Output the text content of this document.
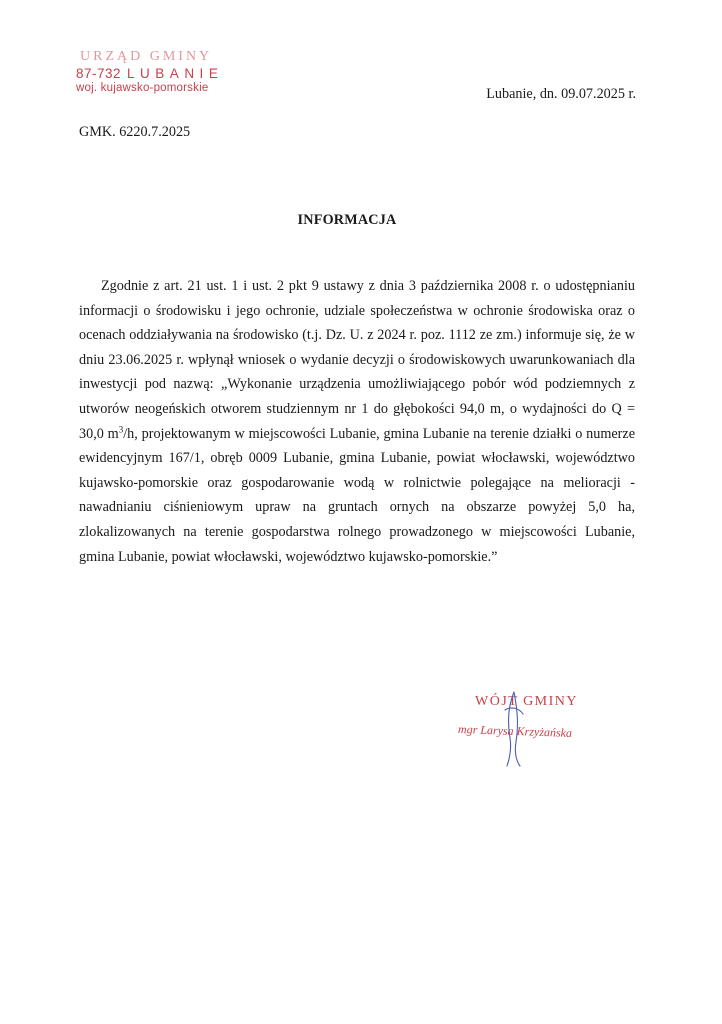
URZĄD GMINY
87-732 LUBANIE
woj. kujawsko-pomorskie	Lubanie, dn. 09.07.2025 r.
GMK. 6220.7.2025
INFORMACJA
Zgodnie z art. 21 ust. 1 i ust. 2 pkt 9 ustawy z dnia 3 października 2008 r. o udostępnianiu informacji o środowisku i jego ochronie, udziale społeczeństwa w ochronie środowiska oraz o ocenach oddziaływania na środowisko (t.j. Dz. U. z 2024 r. poz. 1112 ze zm.) informuje się, że w dniu 23.06.2025 r. wpłynął wniosek o wydanie decyzji o środowiskowych uwarunkowaniach dla inwestycji pod nazwą: „Wykonanie urządzenia umożliwiającego pobór wód podziemnych z utworów neogeńskich otworem studziennym nr 1 do głębokości 94,0 m, o wydajności do Q = 30,0 $m^3/h$, projektowanym w miejscowości Lubanie, gmina Lubanie na terenie działki o numerze ewidencyjnym 167/1, obręb 0009 Lubanie, gmina Lubanie, powiat włocławski, województwo kujawsko-pomorskie oraz gospodarowanie wodą w rolnictwie polegające na melioracji - nawadnianiu ciśnieniowym upraw na gruntach ornych na obszarze powyżej 5,0 ha, zlokalizowanych na terenie gospodarstwa rolnego prowadzonego w miejscowości Lubanie, gmina Lubanie, powiat włocławski, województwo kujawsko-pomorskie.”
WÓJT GMINY
mgr Larysa Krzyżańska
